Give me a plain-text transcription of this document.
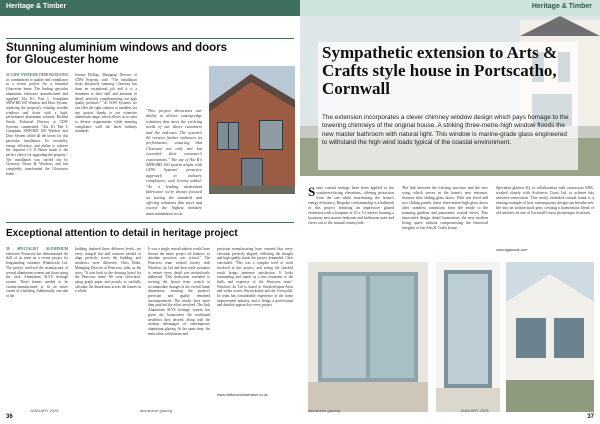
Heritage & Timber
Stunning aluminium windows and doors for Gloucester home
35 CDW SYSTEMS DEMONSTRATED its commitment to quality and compliance in a recent project for a beautiful Gloucester home. The leading specialist aluminium fabricator manufactured and supplied Alu K's Part L Compliant SMW/BD 100 Window and Door System, replacing the property's existing wooden windows and doors with a high-performance aluminium solution. Richard Smith, Technical Director at CDW Systems, commented: "Alu K's Part L Compliant SMW/BD 100 Window and Door System ticked all the boxes for this particular installation. Its versatility, energy efficiency, and ability to achieve the required 1.6 U-Values made it the perfect choice for upgrading the property." The installation was carried out by Clearway Doors & Windows and has completely transformed the Gloucester home.
Jeremy Phillips, Managing Director of CDW Systems, said: "The installation looks absolutely stunning. Clearway has done an exceptional job and it is a testament to their skill and attention to detail, perfectly complementing our high quality products." "At CDW Systems, we can offer the right solution to installers for any project thanks to our extensive aluminium range, which allows us to cater to diverse requirements while ensuring compliance with the latest industry standards.
"This project showcases our ability to deliver cutting-edge solutions that meet the evolving needs of our direct customers and the end-user. The system's 60 version further enhances its performance, ensuring that Clearway not only met but exceeded their customer's expectations." The use of Alu K's SMW/BD 100 system aligns with CDW Systems' proactive approach to industry compliance, and Jeremy added: "As a leading aluminium fabricator, we're always focused on setting the standard and offering solutions that meet and exceed the highest industry
www.cdwfabtech.co.uk
Exceptional attention to detail in heritage project
39 SPECIALIST ALUMINIUM fabricator Pentcross has demonstrated the skill of its team on a recent project for longstanding customer Windows4u Ltd. The project involved the manufacture of several aluminium screens and doors using the Jack Aluminium SLVS heritage system. These frames needed to be custom-manufactured to fit an entire corner of a building. Additionally, one side of the
building featured three different levels, yet every integral bar and transom needed to align perfectly across the building, and aesthetics were delivered. Chris Birks, Managing Director at Pentcross, talks us the story: "It was back to the drawing board for the Pentcross team! We went old-school, using graph paper and pencils to carefully calculate the dimensions across the frames as a whole.
It was a single miscalculation would have thrown the entire project off balance, so absolute precision was critical." The Pentcross team worked closely with Windows 4u Ltd and their trade customer to ensure every detail was meticulously addressed. This dedication extended to revising the layout from scratch to accommodate changes in the overall frame dimensions, ensuring the project's precision and quality remained uncompromised. The results have more than justified the effort involved. The Jack Aluminium SLVS heritage system has given the homeowner the traditional aesthetics they desired, along with the modern advantages of contemporary aluminium glazing. At the same time, the meticulous calculations and
precision manufacturing have ensured that every elevation perfectly aligned, reflecting the thought and high-quality finish the project demanded. Chris concluded: "This was a complex level of work involved in this project, and seeing the finished result brings immense satisfaction. It looks outstanding and stands as a true testament to the skills and expertise of the Pentcross team." Windows 4u Ltd is based in Stratford-upon-Avon and works across Warwickshire and the Cotswolds. Its team has considerable experience in the home improvement industry, and it brings a professional and detailed approach to every project.
www.meltonwindowmaker.co.uk
36
JANUARY 2025	aluminium glazing
Heritage & Timber
Sympathetic extension to Arts & Crafts style house in Portscatho, Cornwall
The extension incorporates a clever chimney window design which pays homage to the towering chimneys of the original house. A striking three-metre-high window floods the new master bathroom with natural light. This window is marine-grade glass engineered to withstand the high wind loads typical of the coastal environment.
S ome coastal settings have been applied to the southwest-facing elevations, offering protection from the sun while maximising the house's energy efficiency. Bespoke craftsmanship is a hallmark of this project featuring an impressive glazed extension with a footprint of 63 x 5.1 metres housing a luxurious new master bedroom and bathroom suite and views out to the mutual countryside.
The link between the existing structure and the new wing, which serves as the home's new entrance, features slim sliding glass doors. With one fixed and two sliding panels, these three-metre-high glass doors offer seamless transitions from the inside to the stunning gardens and panoramic coastal views. This innovative design detail harmonises the new modern living space without compromising the historical integrity of the Arts & Crafts house.
Specialist glaziers IQ, in collaboration with contractors KPK, worked closely with Architects Coast Ltd. to achieve this sensitive renovation. This newly extended coastal home is a shining example of how contemporary design can breathe new life into an architectural gem, creating a harmonious blend of old and new in one of Cornwall's most picturesque locations.
www.iqglassuk.com
aluminium glazing	JANUARY 2025
37
